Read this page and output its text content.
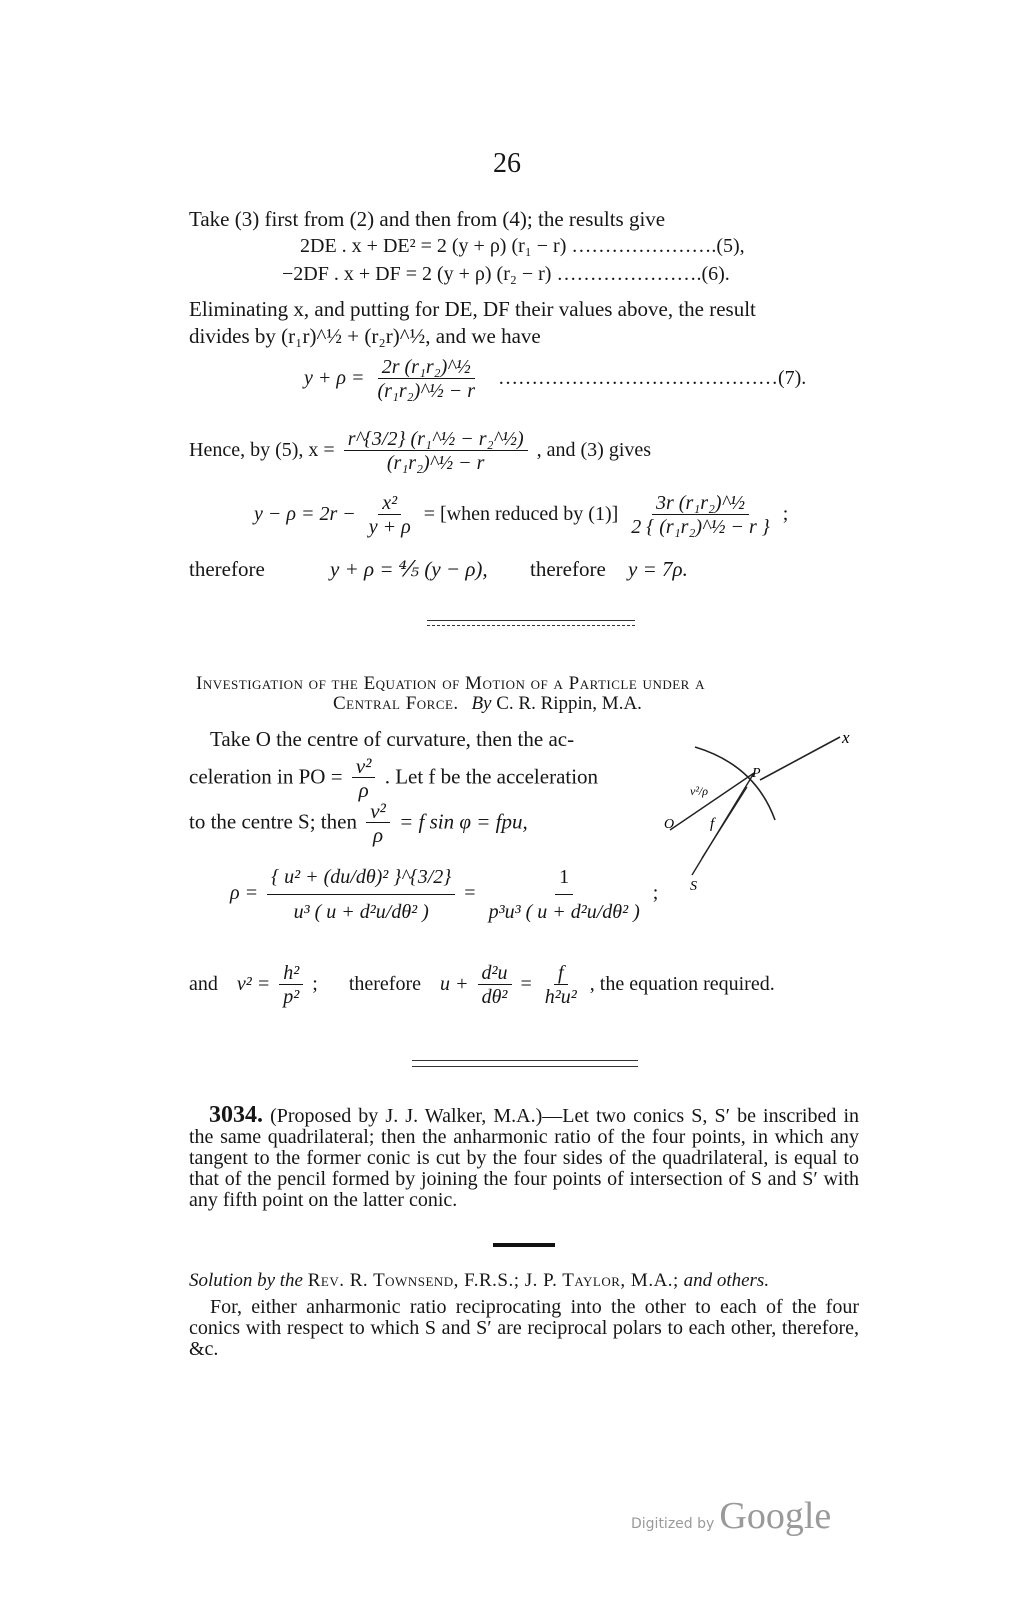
26
Take (3) first from (2) and then from (4); the results give
2DE . x + DE² = 2 (y + ρ) (r₁ − r) ………………….(5),
−2DF . x + DF = 2 (y + ρ) (r₂ − r) ………………….(6).
Eliminating x, and putting for DE, DF their values above, the result
divides by (r₁r)^½ + (r₂r)^½, and we have
$y + \rho = \frac{\text{2r (r₁r₂)\textasciicircum{}½}}{\text{(r₁r₂)\textasciicircum{}½ − r}}$ ……………………………………(7).
Hence, by (5), $x = \frac{\text{r\textasciicircum{}\{3/2\} (r₁\textasciicircum{}½ − r₂\textasciicircum{}½)}}{\text{(r₁r₂)\textasciicircum{}½ − r}}$ , and (3) gives
$y - \rho = 2r - \frac{\text{x²}}{y + \rho}$ = [when reduced by $(1)] \frac{\text{3r (r₁r₂)\textasciicircum{}½}}{\text{2 \{ (r₁r₂)\textasciicircum{}½ − r \}}}$ ;
therefore	y + ρ = ⅘ (y − ρ), therefore y = 7ρ.
Investigation of the Equation of Motion of a Particle under a
Central Force. By C. R. Rippin, M.A.
Take O the centre of curvature, then the ac-
celeration in PO = $\frac{\text{v²}}{\rho}$ . Let f be the acceleration
to the centre S; then $\frac{\text{v²}}{\rho} = f$ sin φ = fpu,
x
P
O
S
f
v²/ρ
$\rho = \frac{\text{\{ u² + (du/dθ)² \}\textasciicircum{}\{3/2\}}}{\text{u³ ( u + d²u/dθ² )}} = \frac{1}{\text{p³u³ ( u + d²u/dθ² )}}$ ;
and $v^2 = \frac{\text{h²}}{\text{p²}}$ ; therefore $u + \frac{\text{d²u}}{\text{dθ²}} = \frac{f}{\text{h²u²}}$ , the equation required.
3034. (Proposed by J. J. Walker, M.A.)—Let two conics S, S′ be inscribed in the same quadrilateral; then the anharmonic ratio of the four points, in which any tangent to the former conic is cut by the four sides of the quadrilateral, is equal to that of the pencil formed by joining the four points of intersection of S and S′ with any fifth point on the latter conic.
Solution by the Rev. R. Townsend, F.R.S.; J. P. Taylor, M.A.; and others.
For, either anharmonic ratio reciprocating into the other to each of the four conics with respect to which S and S′ are reciprocal polars to each other, therefore, &c.
Digitized by Google
